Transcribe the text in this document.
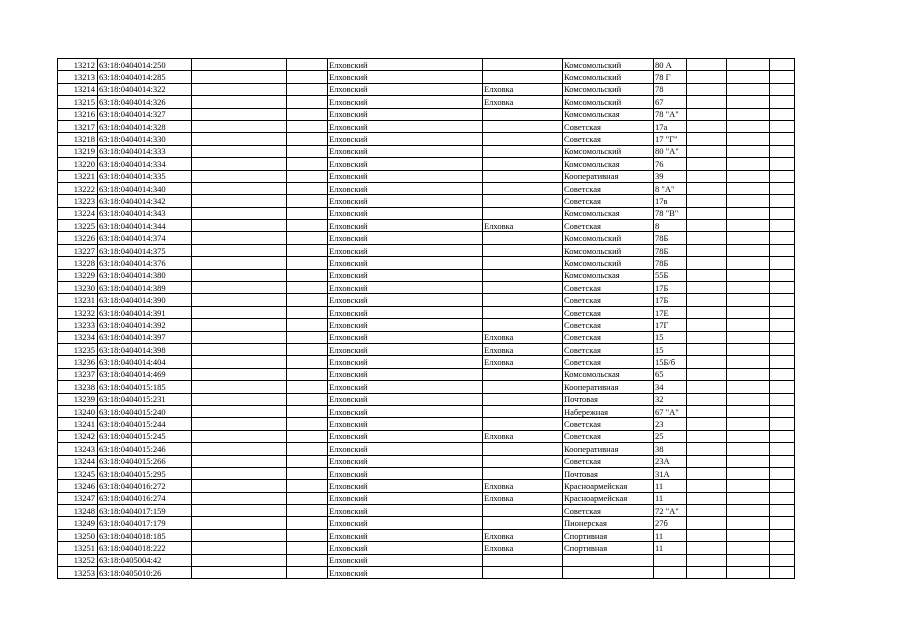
13212	63:18:0404014:250			Елховский		Комсомольский	80 А			
13213	63:18:0404014:285			Елховский		Комсомольский	78 Г			
13214	63:18:0404014:322			Елховский	Елховка	Комсомольский	78			
13215	63:18:0404014:326			Елховский	Елховка	Комсомольский	67			
13216	63:18:0404014:327			Елховский		Комсомольская	78 "А"			
13217	63:18:0404014:328			Елховский		Советская	17а			
13218	63:18:0404014:330			Елховский		Советская	17 "Г"			
13219	63:18:0404014:333			Елховский		Комсомольский	80 "А"			
13220	63:18:0404014:334			Елховский		Комсомольская	76			
13221	63:18:0404014:335			Елховский		Кооперативная	39			
13222	63:18:0404014:340			Елховский		Советская	8 "А"			
13223	63:18:0404014:342			Елховский		Советская	17в			
13224	63:18:0404014:343			Елховский		Комсомольская	78 "В"			
13225	63:18:0404014:344			Елховский	Елховка	Советская	8			
13226	63:18:0404014:374			Елховский		Комсомольский	78Б			
13227	63:18:0404014:375			Елховский		Комсомольский	78Б			
13228	63:18:0404014:376			Елховский		Комсомольский	78Б			
13229	63:18:0404014:380			Елховский		Комсомольская	55Б			
13230	63:18:0404014:389			Елховский		Советская	17Б			
13231	63:18:0404014:390			Елховский		Советская	17Б			
13232	63:18:0404014:391			Елховский		Советская	17Е			
13233	63:18:0404014:392			Елховский		Советская	17Г			
13234	63:18:0404014:397			Елховский	Елховка	Советская	15			
13235	63:18:0404014:398			Елховский	Елховка	Советская	15			
13236	63:18:0404014:404			Елховский	Елховка	Советская	15Б/б			
13237	63:18:0404014:469			Елховский		Комсомольская	65			
13238	63:18:0404015:185			Елховский		Кооперативная	34			
13239	63:18:0404015:231			Елховский		Почтовая	32			
13240	63:18:0404015:240			Елховский		Набережная	67 "А"			
13241	63:18:0404015:244			Елховский		Советская	23			
13242	63:18:0404015:245			Елховский	Елховка	Советская	25			
13243	63:18:0404015:246			Елховский		Кооперативная	38			
13244	63:18:0404015:266			Елховский		Советская	23А			
13245	63:18:0404015:295			Елховский		Почтовая	31А			
13246	63:18:0404016:272			Елховский	Елховка	Красноармейская	11			
13247	63:18:0404016:274			Елховский	Елховка	Красноармейская	11			
13248	63:18:0404017:159			Елховский		Советская	72 "А"			
13249	63:18:0404017:179			Елховский		Пионерская	27б			
13250	63:18:0404018:185			Елховский	Елховка	Спортивная	11			
13251	63:18:0404018:222			Елховский	Елховка	Спортивная	11			
13252	63:18:0405004:42			Елховский						
13253	63:18:0405010:26			Елховский						
